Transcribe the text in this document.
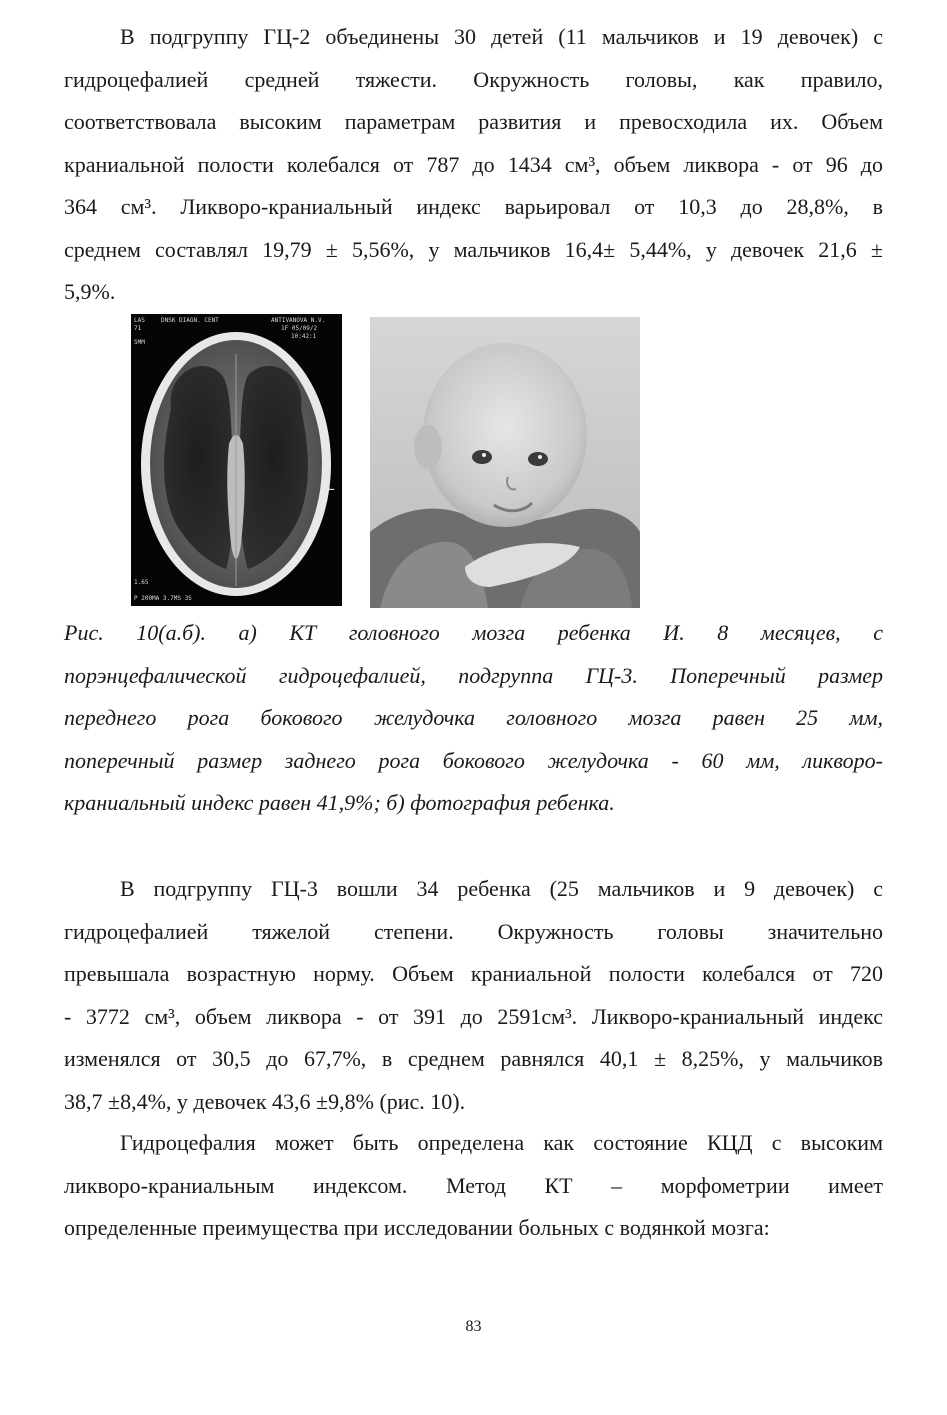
В подгруппу ГЦ-2 объединены 30 детей (11 мальчиков и 19 девочек) с
гидроцефалией средней тяжести. Окружность головы, как правило,
соответствовала высоким параметрам развития и превосходила их. Объем
краниальной полости колебался от 787 до 1434 см³, объем ликвора - от 96 до
364 см³. Ликворо-краниальный индекс варьировал от 10,3 до 28,8%, в
среднем составлял 19,79 ± 5,56%, у мальчиков 16,4± 5,44%, у девочек 21,6 ±
5,9%.
LAS
71
5MM
DNSK DIAGN. CENT	ANTIVANOVA N.V.
1F 05/09/2
10:42:1
1.65
P 200MA 3.7MS 3S
L
Рис. 10(а.б). а) КТ головного мозга ребенка И. 8 месяцев, с
порэнцефалической гидроцефалией, подгруппа ГЦ-3. Поперечный размер
переднего рога бокового желудочка головного мозга равен 25 мм,
поперечный размер заднего рога бокового желудочка - 60 мм, ликворо-
краниальный индекс равен 41,9%; б) фотография ребенка.
В подгруппу ГЦ-3 вошли 34 ребенка (25 мальчиков и 9 девочек) с
гидроцефалией тяжелой степени. Окружность головы значительно
превышала возрастную норму. Объем краниальной полости колебался от 720
- 3772 см³, объем ликвора - от 391 до 2591см³. Ликворо-краниальный индекс
изменялся от 30,5 до 67,7%, в среднем равнялся 40,1 ± 8,25%, у мальчиков
38,7 ±8,4%, у девочек 43,6 ±9,8% (рис. 10).
Гидроцефалия может быть определена как состояние КЦД с высоким
ликворо-краниальным индексом. Метод КТ – морфометрии имеет
определенные преимущества при исследовании больных с водянкой мозга:
83
